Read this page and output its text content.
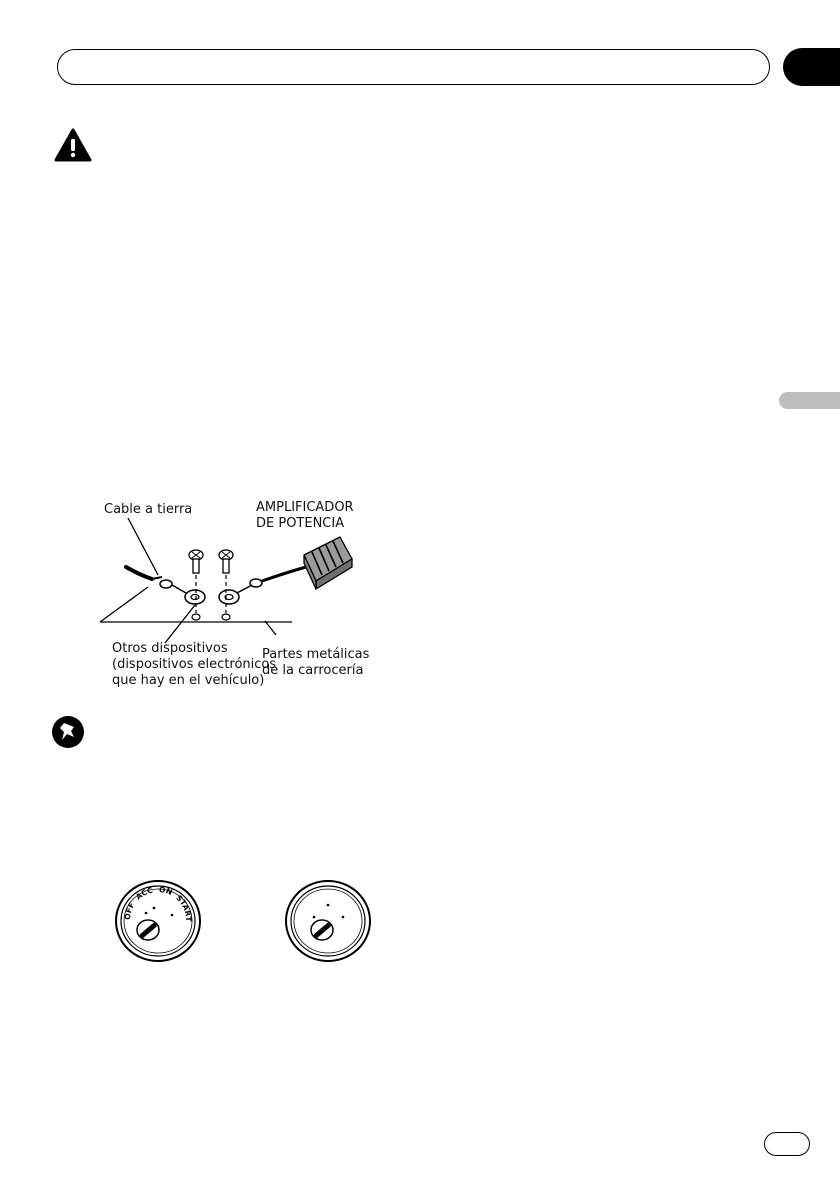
Cable a tierra	AMPLIFICADOR
DE POTENCIA
Otros dispositivos
(dispositivos electrónicos
que hay en el vehículo)
Partes metálicas
de la carrocería
OFF ACC ON START
